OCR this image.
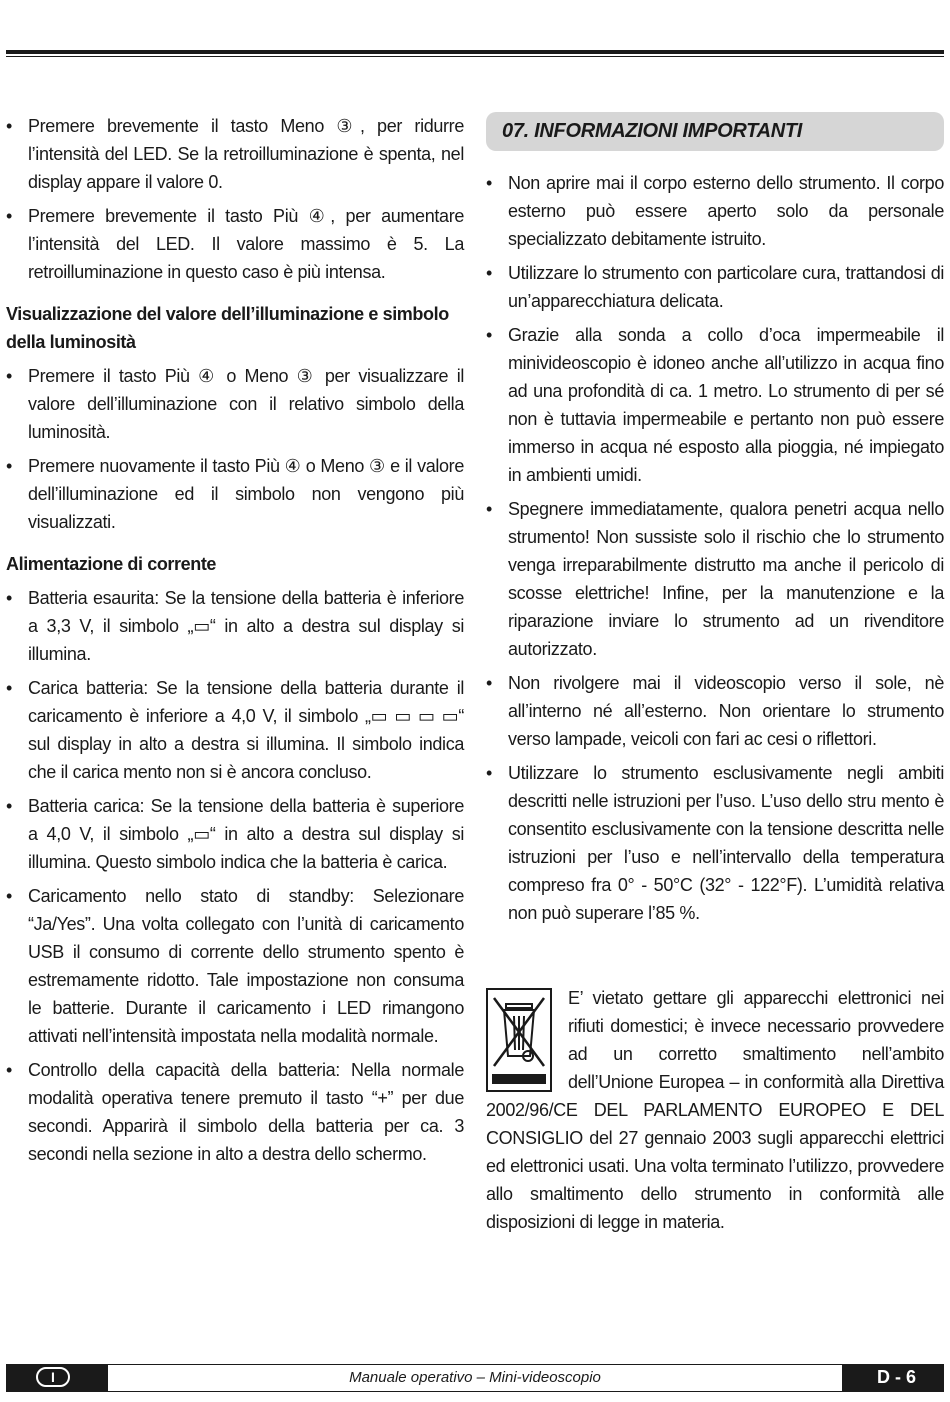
• Premere brevemente il tasto Meno ③, per ridurre l’intensità del LED. Se la retroilluminazione è spenta, nel display appare il valore 0.
• Premere brevemente il tasto Più ④, per aumentare l’intensità del LED. Il valore massimo è 5. La retroilluminazione in questo caso è più intensa.
Visualizzazione del valore dell’illuminazione e simbolo della luminosità
• Premere il tasto Più ④ o Meno ③ per visualizzare il valore dell’illuminazione con il relativo simbolo della luminosità.
• Premere nuovamente il tasto Più ④ o Meno ③ e il valore dell’illuminazione ed il simbolo non vengono più visualizzati.
Alimentazione di corrente
• Batteria esaurita: Se la tensione della batteria è inferiore a 3,3 V, il simbolo „▭“ in alto a destra sul display si illumina.
• Carica batteria: Se la tensione della batteria durante il caricamento è inferiore a 4,0 V, il simbolo „▭ ▭ ▭ ▭“ sul display in alto a destra si illumina. Il simbolo indica che il carica mento non si è ancora concluso.
• Batteria carica: Se la tensione della batteria è superiore a 4,0 V, il simbolo „▭“ in alto a destra sul display si illumina. Questo simbolo indica che la batteria è carica.
• Caricamento nello stato di standby: Selezionare “Ja/Yes”. Una volta collegato con l’unità di caricamento USB il consumo di corrente dello strumento spento è estremamente ridotto. Tale impostazione non consuma le batterie. Durante il caricamento i LED rimangono attivati nell’intensità impostata nella modalità normale.
• Controllo della capacità della batteria: Nella normale modalità operativa tenere premuto il tasto “+” per due secondi. Apparirà il simbolo della batteria per ca. 3 secondi nella sezione in alto a destra dello schermo.
07. INFORMAZIONI IMPORTANTI
• Non aprire mai il corpo esterno dello strumento. Il corpo esterno può essere aperto solo da personale specializzato debitamente istruito.
• Utilizzare lo strumento con particolare cura, trattandosi di un’apparecchiatura delicata.
• Grazie alla sonda a collo d’oca impermeabile il minivideoscopio è idoneo anche all’utilizzo in acqua fino ad una profondità di ca. 1 metro. Lo strumento di per sé non è tuttavia impermeabile e pertanto non può essere immerso in acqua né esposto alla pioggia, né impiegato in ambienti umidi.
• Spegnere immediatamente, qualora penetri acqua nello strumento! Non sussiste solo il rischio che lo strumento venga irreparabilmente distrutto ma anche il pericolo di scosse elettriche! Infine, per la manutenzione e la riparazione inviare lo strumento ad un rivenditore autorizzato.
• Non rivolgere mai il videoscopio verso il sole, nè all’interno né all’esterno. Non orientare lo strumento verso lampade, veicoli con fari ac cesi o riflettori.
• Utilizzare lo strumento esclusivamente negli ambiti descritti nelle istruzioni per l’uso. L’uso dello stru mento è consentito esclusivamente con la tensione descritta nelle istruzioni per l’uso e nell’intervallo della temperatura compreso fra 0° - 50°C (32° - 122°F). L’umidità relativa non può superare l’85 %.

E’ vietato gettare gli apparecchi elettronici nei rifiuti domestici; è invece necessario provvedere ad un corretto smaltimento nell’ambito dell’Unione Europea – in conformità alla Direttiva 2002/96/CE DEL PARLAMENTO EUROPEO E DEL CONSIGLIO del 27 gennaio 2003 sugli apparecchi elettrici ed elettronici usati. Una volta terminato l’utilizzo, provvedere allo smaltimento dello strumento in conformità alle disposizioni di legge in materia.

Manuale operativo – Mini-videoscopio
I	D - 6
